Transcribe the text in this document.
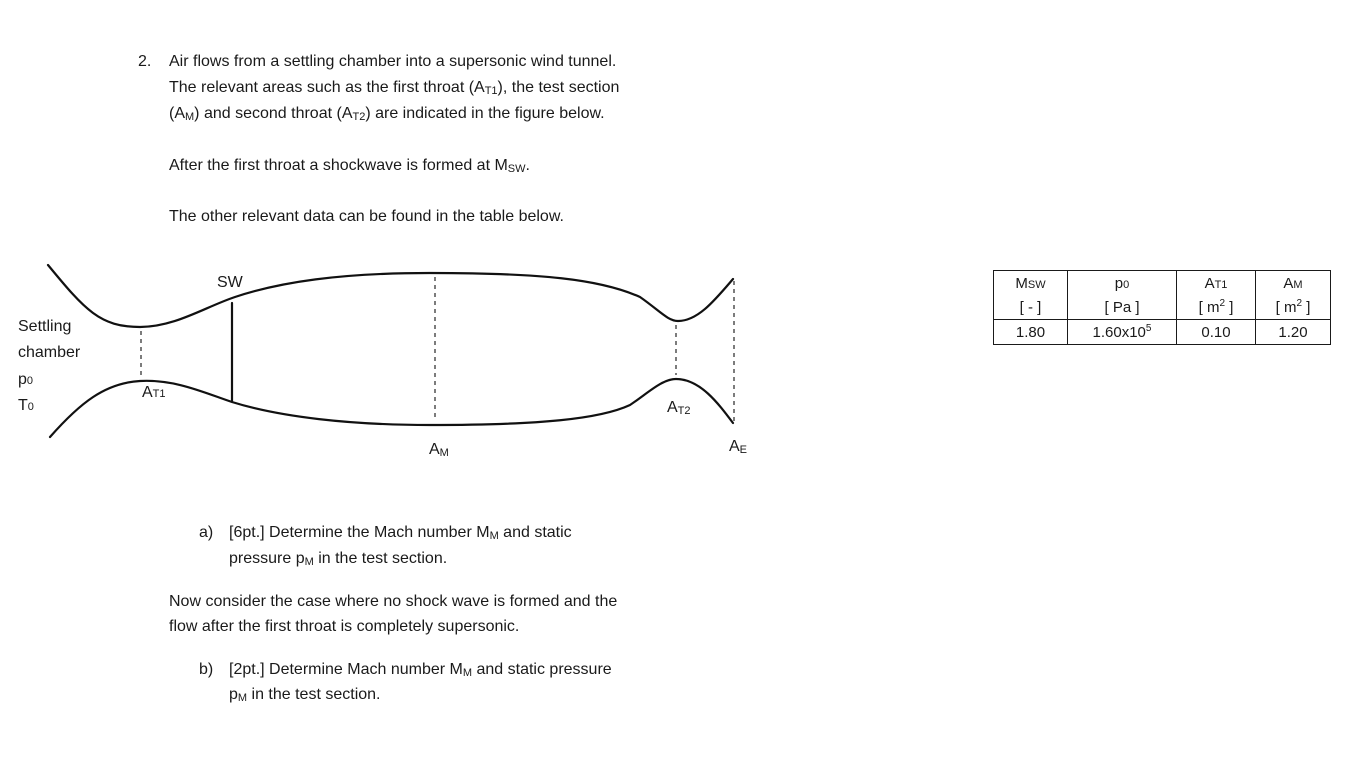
2. Air flows from a settling chamber into a supersonic wind tunnel.
The relevant areas such as the first throat (AT1), the test section
(AM) and second throat (AT2) are indicated in the figure below.
After the first throat a shockwave is formed at MSW.
The other relevant data can be found in the table below.
Settling
chamber
p0
T0
SW
AT1
AM
AT2
AE
MSW	p0	AT1	AM
[ - ]	[ Pa ]	[ $m^2$ ]	[ $m^2$ ]
1.80	$1.60x10^5$	0.10	1.20
a) [6pt.] Determine the Mach number MM and static
pressure pM in the test section.
Now consider the case where no shock wave is formed and the
flow after the first throat is completely supersonic.
b) [2pt.] Determine Mach number MM and static pressure
pM in the test section.
